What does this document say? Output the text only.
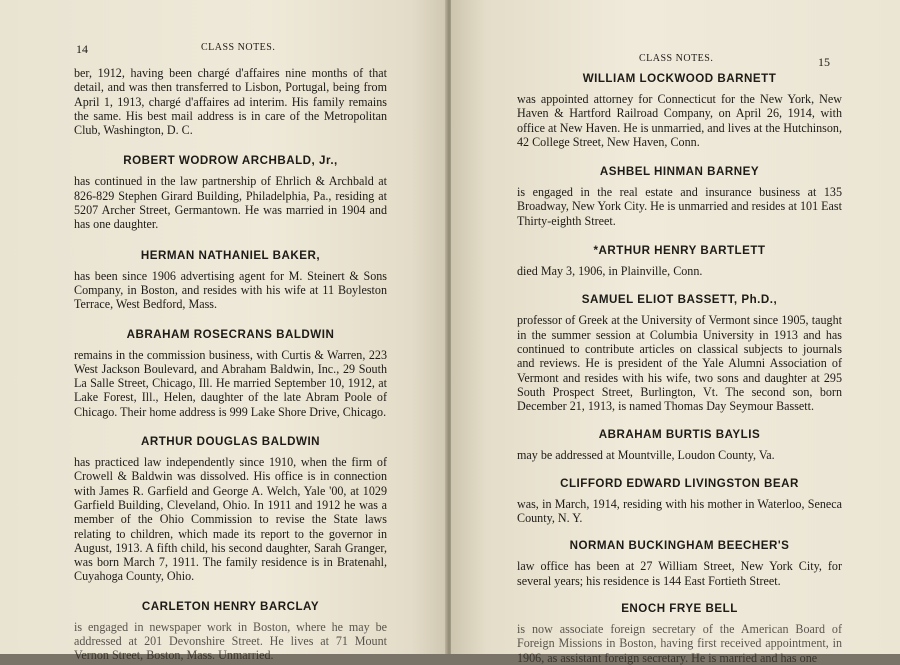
14	CLASS NOTES.

ber, 1912, having been chargé d'affaires nine months of that detail, and was then transferred to Lisbon, Portugal, being from April 1, 1913, chargé d'affaires ad interim. His family remains the same. His best mail address is in care of the Metropolitan Club, Washington, D. C.

ROBERT WODROW ARCHBALD, Jr.,

has continued in the law partnership of Ehrlich & Archbald at 826-829 Stephen Girard Building, Philadelphia, Pa., residing at 5207 Archer Street, Germantown. He was married in 1904 and has one daughter.

HERMAN NATHANIEL BAKER,

has been since 1906 advertising agent for M. Steinert & Sons Company, in Boston, and resides with his wife at 11 Boyleston Terrace, West Bedford, Mass.

ABRAHAM ROSECRANS BALDWIN

remains in the commission business, with Curtis & Warren, 223 West Jackson Boulevard, and Abraham Baldwin, Inc., 29 South La Salle Street, Chicago, Ill. He married September 10, 1912, at Lake Forest, Ill., Helen, daughter of the late Abram Poole of Chicago. Their home address is 999 Lake Shore Drive, Chicago.

ARTHUR DOUGLAS BALDWIN

has practiced law independently since 1910, when the firm of Crowell & Baldwin was dissolved. His office is in connection with James R. Garfield and George A. Welch, Yale '00, at 1029 Garfield Building, Cleveland, Ohio. In 1911 and 1912 he was a member of the Ohio Commission to revise the State laws relating to children, which made its report to the governor in August, 1913. A fifth child, his second daughter, Sarah Granger, was born March 7, 1911. The family residence is in Bratenahl, Cuyahoga County, Ohio.

CARLETON HENRY BARCLAY

is engaged in newspaper work in Boston, where he may be addressed at 201 Devonshire Street. He lives at 71 Mount Vernon Street, Boston, Mass. Unmarried.

CLASS NOTES.	15

WILLIAM LOCKWOOD BARNETT

was appointed attorney for Connecticut for the New York, New Haven & Hartford Railroad Company, on April 26, 1914, with office at New Haven. He is unmarried, and lives at the Hutchinson, 42 College Street, New Haven, Conn.

ASHBEL HINMAN BARNEY

is engaged in the real estate and insurance business at 135 Broadway, New York City. He is unmarried and resides at 101 East Thirty-eighth Street.

*ARTHUR HENRY BARTLETT

died May 3, 1906, in Plainville, Conn.

SAMUEL ELIOT BASSETT, Ph.D.,

professor of Greek at the University of Vermont since 1905, taught in the summer session at Columbia University in 1913 and has continued to contribute articles on classical subjects to journals and reviews. He is president of the Yale Alumni Association of Vermont and resides with his wife, two sons and daughter at 295 South Prospect Street, Burlington, Vt. The second son, born December 21, 1913, is named Thomas Day Seymour Bassett.

ABRAHAM BURTIS BAYLIS

may be addressed at Mountville, Loudon County, Va.

CLIFFORD EDWARD LIVINGSTON BEAR

was, in March, 1914, residing with his mother in Waterloo, Seneca County, N. Y.

NORMAN BUCKINGHAM BEECHER'S

law office has been at 27 William Street, New York City, for several years; his residence is 144 East Fortieth Street.

ENOCH FRYE BELL

is now associate foreign secretary of the American Board of Foreign Missions in Boston, having first received appointment, in 1906, as assistant foreign secretary. He is married and has one
